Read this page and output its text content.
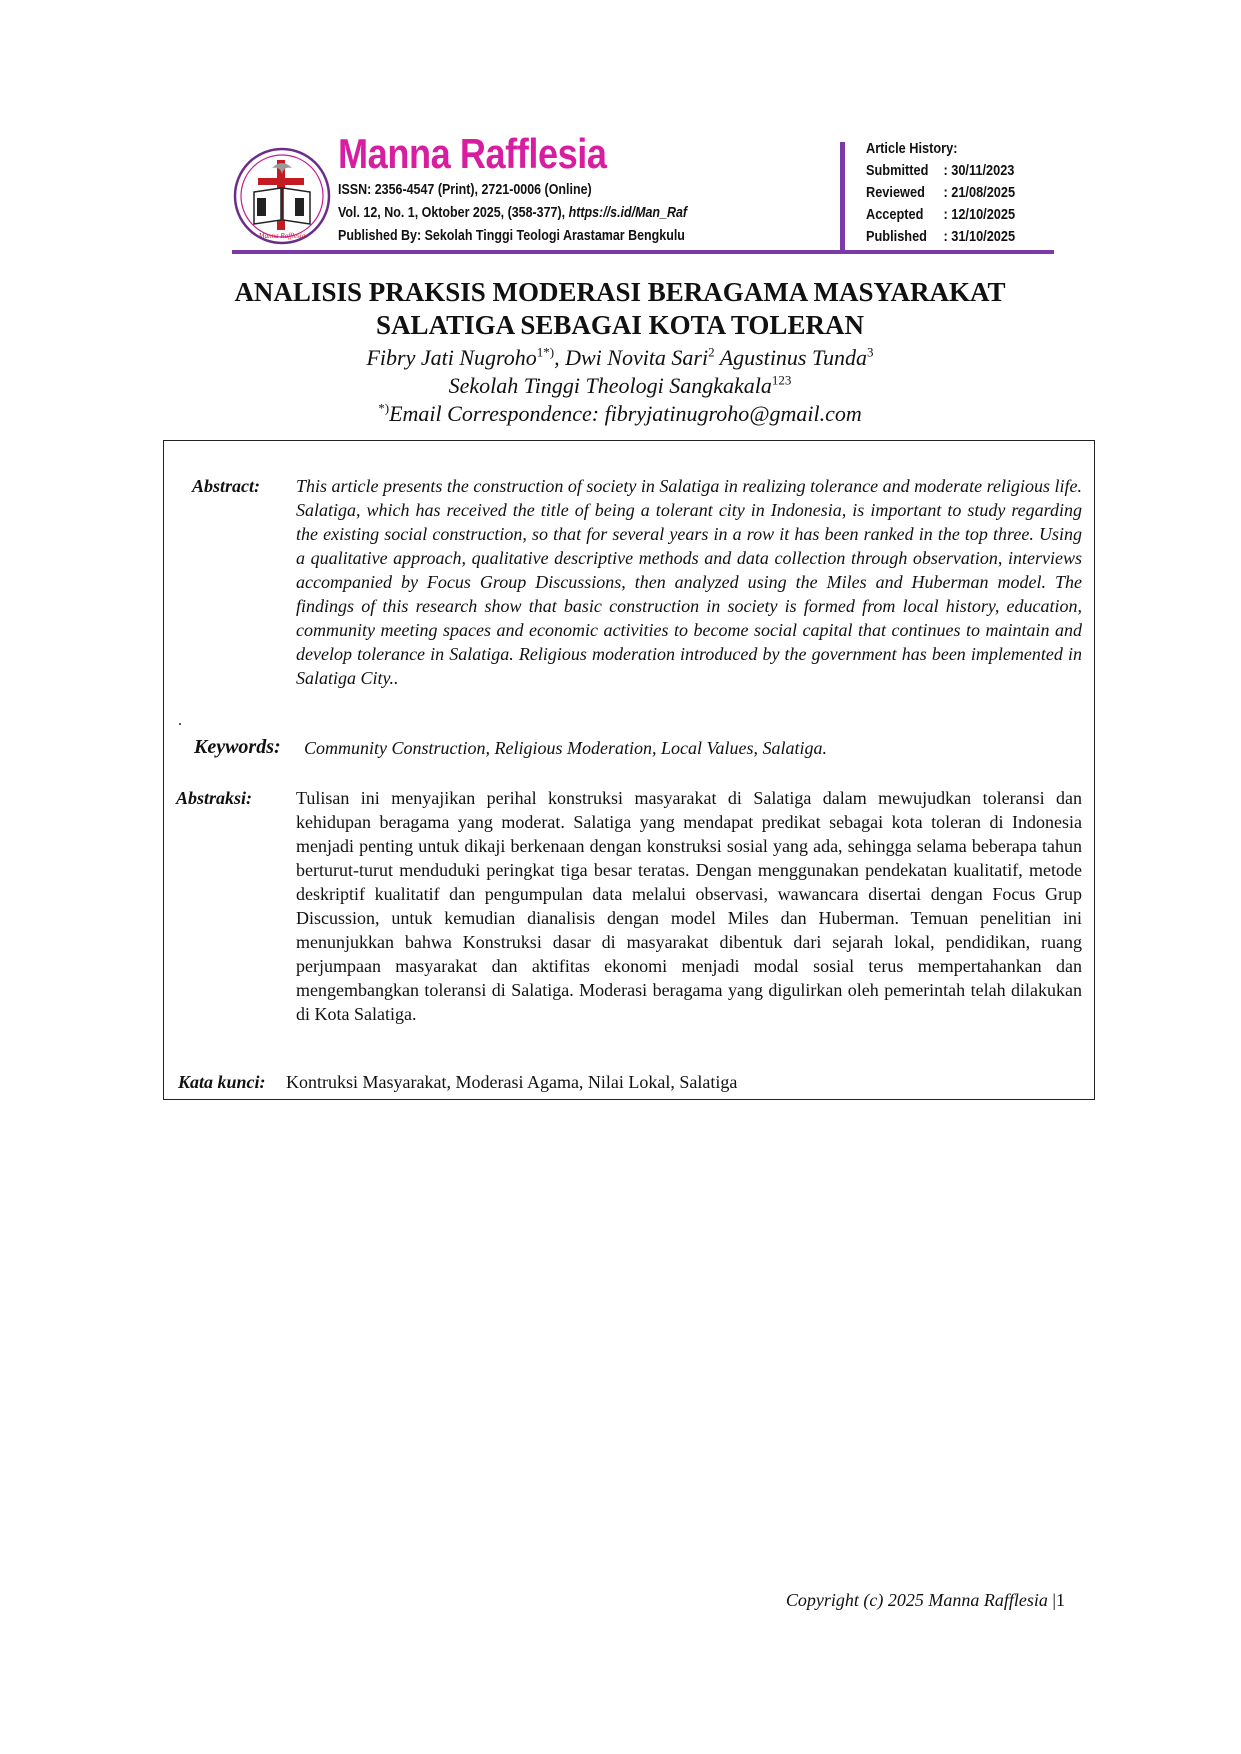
Manna Rafflesia
Manna Rafflesia
ISSN: 2356-4547 (Print), 2721-0006 (Online)
Vol. 12, No. 1, Oktober 2025, (358-377), https://s.id/Man_Raf
Published By: Sekolah Tinggi Teologi Arastamar Bengkulu
Article History:
Submitted	: 30/11/2023
Reviewed	: 21/08/2025
Accepted	: 12/10/2025
Published	: 31/10/2025
ANALISIS PRAKSIS MODERASI BERAGAMA MASYARAKAT
SALATIGA SEBAGAI KOTA TOLERAN
Fibry Jati Nugroho$^{1*)}$, Dwi Novita Sari$^2$ Agustinus Tunda$^3$
Sekolah Tinggi Theologi Sangkakala$^{123}$
*)Email Correspondence: fibryjatinugroho@gmail.com
Abstract: This article presents the construction of society in Salatiga in realizing tolerance and moderate religious life. Salatiga, which has received the title of being a tolerant city in Indonesia, is important to study regarding the existing social construction, so that for several years in a row it has been ranked in the top three. Using a qualitative approach, qualitative descriptive methods and data collection through observation, interviews accompanied by Focus Group Discussions, then analyzed using the Miles and Huberman model. The findings of this research show that basic construction in society is formed from local history, education, community meeting spaces and economic activities to become social capital that continues to maintain and develop tolerance in Salatiga. Religious moderation introduced by the government has been implemented in Salatiga City..
.
Keywords: Community Construction, Religious Moderation, Local Values, Salatiga.
Abstraksi: Tulisan ini menyajikan perihal konstruksi masyarakat di Salatiga dalam mewujudkan toleransi dan kehidupan beragama yang moderat. Salatiga yang mendapat predikat sebagai kota toleran di Indonesia menjadi penting untuk dikaji berkenaan dengan konstruksi sosial yang ada, sehingga selama beberapa tahun berturut-turut menduduki peringkat tiga besar teratas. Dengan menggunakan pendekatan kualitatif, metode deskriptif kualitatif dan pengumpulan data melalui observasi, wawancara disertai dengan Focus Grup Discussion, untuk kemudian dianalisis dengan model Miles dan Huberman. Temuan penelitian ini menunjukkan bahwa Konstruksi dasar di masyarakat dibentuk dari sejarah lokal, pendidikan, ruang perjumpaan masyarakat dan aktifitas ekonomi menjadi modal sosial terus mempertahankan dan mengembangkan toleransi di Salatiga. Moderasi beragama yang digulirkan oleh pemerintah telah dilakukan di Kota Salatiga.
Kata kunci: Kontruksi Masyarakat, Moderasi Agama, Nilai Lokal, Salatiga
Copyright (c) 2025 Manna Rafflesia |1
